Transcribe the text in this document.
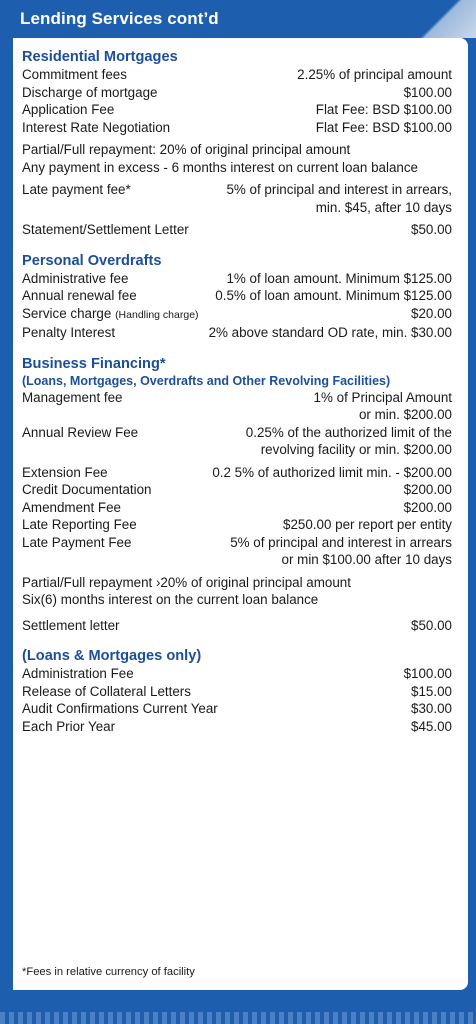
Lending Services cont’d
Residential Mortgages
Commitment fees	2.25% of principal amount
Discharge of mortgage	$100.00
Application Fee	Flat Fee: BSD $100.00
Interest Rate Negotiation	Flat Fee: BSD $100.00
Partial/Full repayment: 20% of original principal amount
Any payment in excess - 6 months interest on current loan balance
Late payment fee*	5% of principal and interest in arrears,
min. $45, after 10 days
Statement/Settlement Letter	$50.00
Personal Overdrafts
Administrative fee	1% of loan amount. Minimum $125.00
Annual renewal fee	0.5% of loan amount. Minimum $125.00
Service charge (Handling charge)	$20.00
Penalty Interest	2% above standard OD rate, min. $30.00
Business Financing*
(Loans, Mortgages, Overdrafts and Other Revolving Facilities)
Management fee	1% of Principal Amount
or min. $200.00
Annual Review Fee	0.25% of the authorized limit of the
revolving facility or min. $200.00
Extension Fee	0.2 5% of authorized limit min. - $200.00
Credit Documentation	$200.00
Amendment Fee	$200.00
Late Reporting Fee	$250.00 per report per entity
Late Payment Fee	5% of principal and interest in arrears
or min $100.00 after 10 days
Partial/Full repayment ›20% of original principal amount
Six(6) months interest on the current loan balance
Settlement letter	$50.00
(Loans & Mortgages only)
Administration Fee	$100.00
Release of Collateral Letters	$15.00
Audit Confirmations Current Year	$30.00
Each Prior Year	$45.00
*Fees in relative currency of facility
